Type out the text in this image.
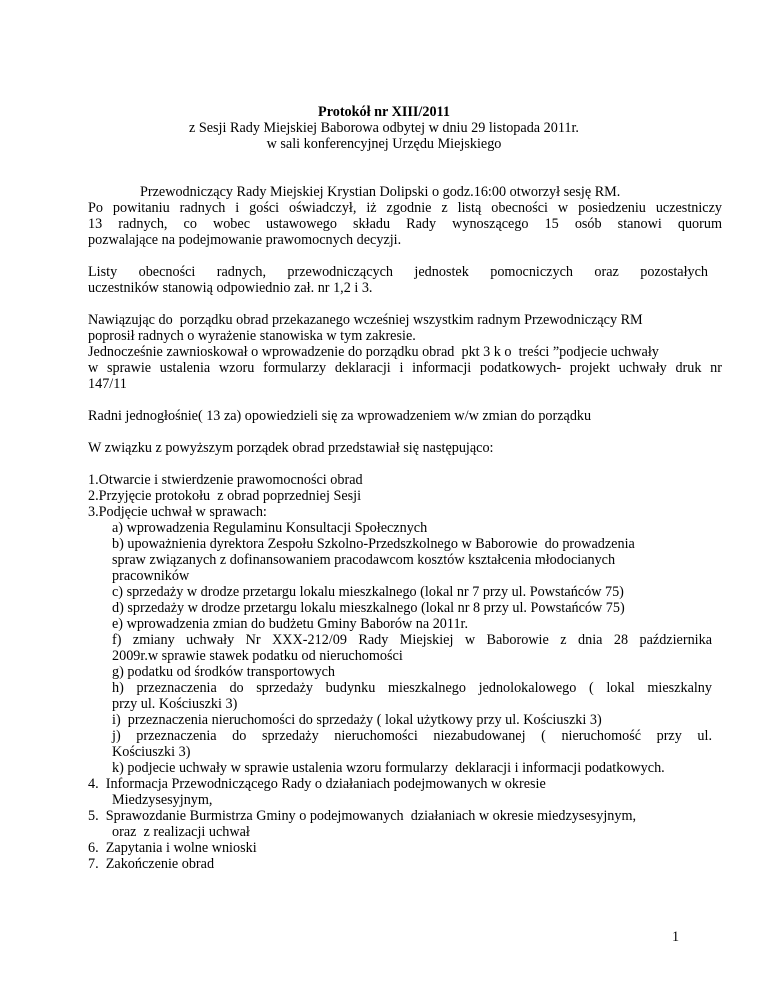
Protokół nr XIII/2011
z Sesji Rady Miejskiej Baborowa odbytej w dniu 29 listopada 2011r.
w sali konferencyjnej Urzędu Miejskiego
Przewodniczący Rady Miejskiej Krystian Dolipski o godz.16:00 otworzył sesję RM.
Po powitaniu radnych i gości oświadczył, iż zgodnie z listą obecności w posiedzeniu uczestniczy
13 radnych, co wobec ustawowego składu Rady wynoszącego 15 osób stanowi quorum
pozwalające na podejmowanie prawomocnych decyzji.
Listy obecności radnych, przewodniczących jednostek pomocniczych oraz pozostałych
uczestników stanowią odpowiednio zał. nr 1,2 i 3.
Nawiązując do  porządku obrad przekazanego wcześniej wszystkim radnym Przewodniczący RM
poprosił radnych o wyrażenie stanowiska w tym zakresie.
Jednocześnie zawnioskował o wprowadzenie do porządku obrad  pkt 3 k o  treści ”podjecie uchwały
w sprawie ustalenia wzoru formularzy deklaracji i informacji podatkowych- projekt uchwały druk nr
147/11
Radni jednogłośnie( 13 za) opowiedzieli się za wprowadzeniem w/w zmian do porządku
W związku z powyższym porządek obrad przedstawiał się następująco:
1.Otwarcie i stwierdzenie prawomocności obrad
2.Przyjęcie protokołu  z obrad poprzedniej Sesji
3.Podjęcie uchwał w sprawach:
a) wprowadzenia Regulaminu Konsultacji Społecznych
b) upoważnienia dyrektora Zespołu Szkolno-Przedszkolnego w Baborowie  do prowadzenia
spraw związanych z dofinansowaniem pracodawcom kosztów kształcenia młodocianych
pracowników
c) sprzedaży w drodze przetargu lokalu mieszkalnego (lokal nr 7 przy ul. Powstańców 75)
d) sprzedaży w drodze przetargu lokalu mieszkalnego (lokal nr 8 przy ul. Powstańców 75)
e) wprowadzenia zmian do budżetu Gminy Baborów na 2011r.
f) zmiany uchwały Nr XXX-212/09 Rady Miejskiej w Baborowie z dnia 28 października
2009r.w sprawie stawek podatku od nieruchomości
g) podatku od środków transportowych
h) przeznaczenia do sprzedaży budynku mieszkalnego jednolokalowego ( lokal mieszkalny
przy ul. Kościuszki 3)
i)  przeznaczenia nieruchomości do sprzedaży ( lokal użytkowy przy ul. Kościuszki 3)
j) przeznaczenia do sprzedaży nieruchomości niezabudowanej ( nieruchomość przy ul.
Kościuszki 3)
k) podjecie uchwały w sprawie ustalenia wzoru formularzy  deklaracji i informacji podatkowych.
4.  Informacja Przewodniczącego Rady o działaniach podejmowanych w okresie
Miedzysesyjnym,
5.  Sprawozdanie Burmistrza Gminy o podejmowanych  działaniach w okresie miedzysesyjnym,
oraz  z realizacji uchwał
6.  Zapytania i wolne wnioski
7.  Zakończenie obrad
1
